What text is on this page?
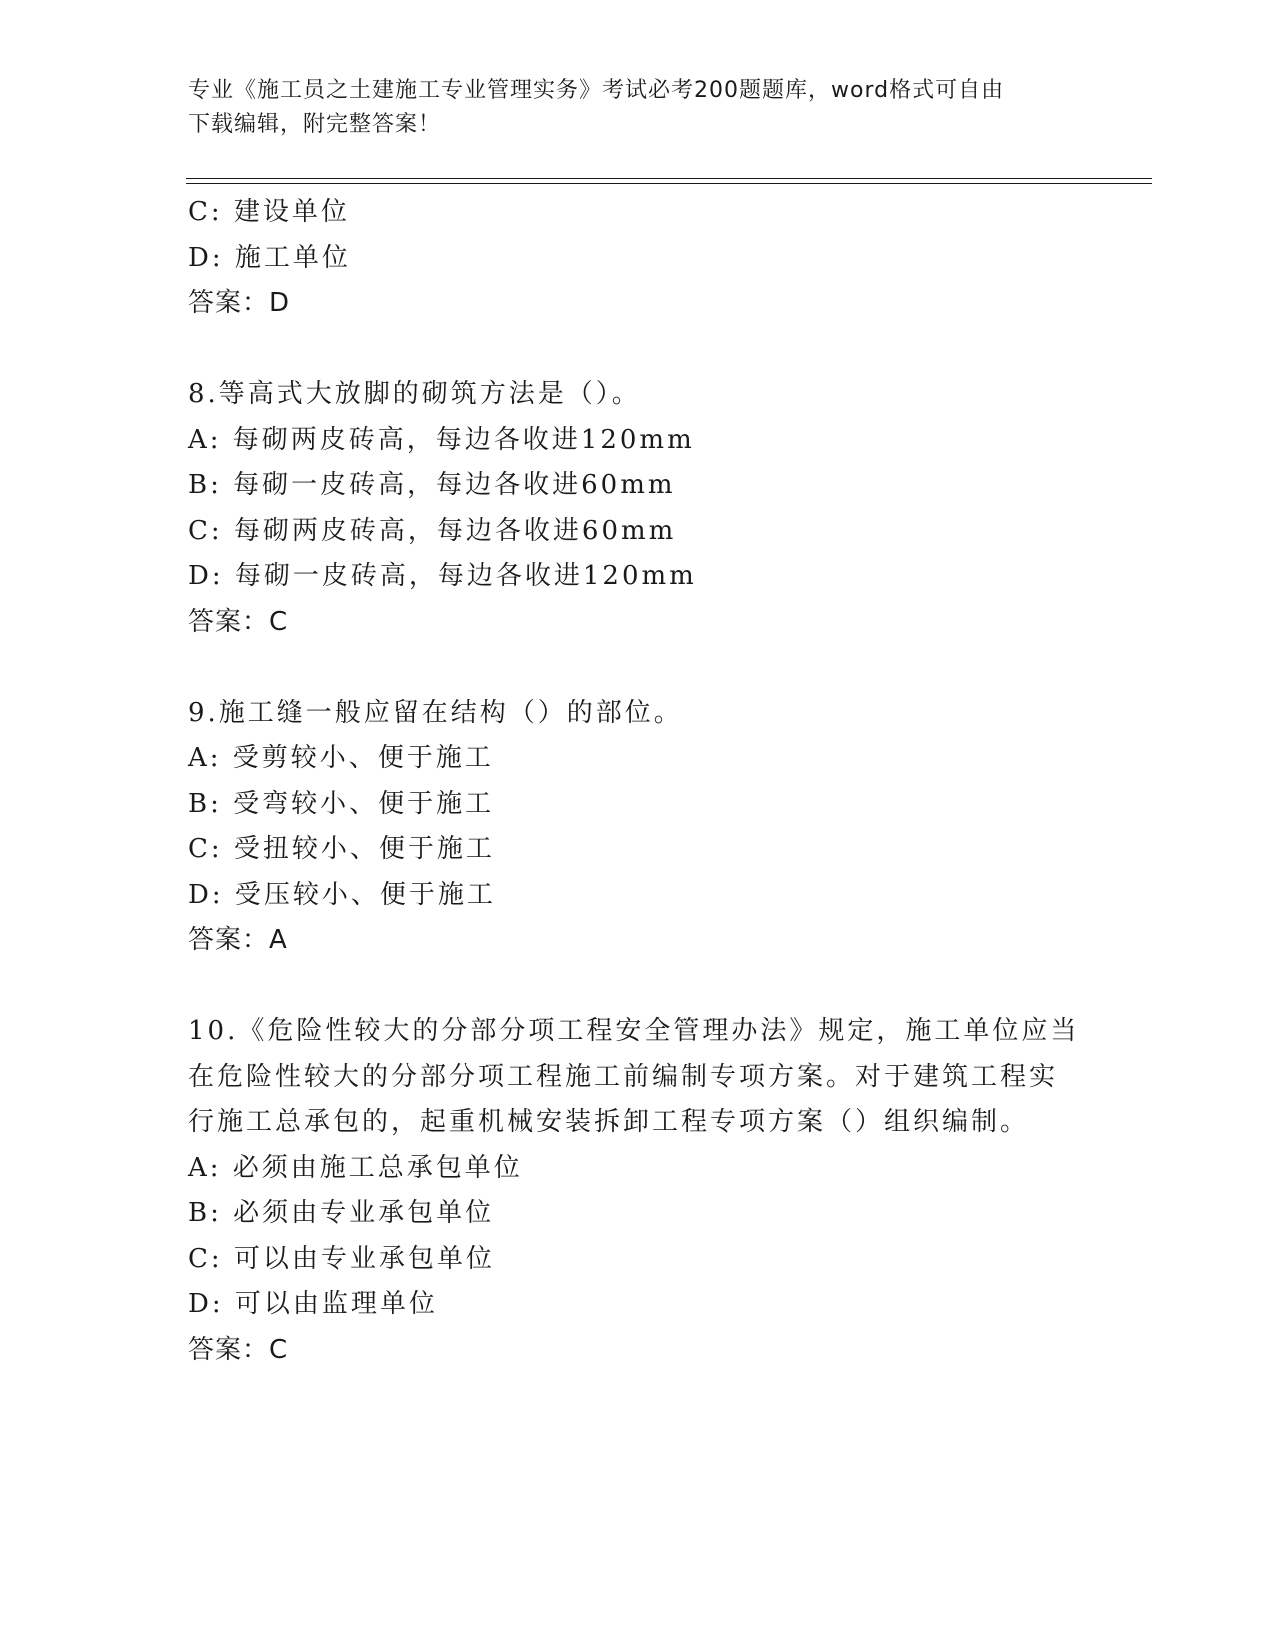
专业《施工员之土建施工专业管理实务》考试必考200题题库，word格式可自由
下载编辑，附完整答案！
C: 建设单位
D: 施工单位
答案：D
8.等高式大放脚的砌筑方法是（）。
A: 每砌两皮砖高，每边各收进120mm
B: 每砌一皮砖高，每边各收进60mm
C: 每砌两皮砖高，每边各收进60mm
D: 每砌一皮砖高，每边各收进120mm
答案：C
9.施工缝一般应留在结构（）的部位。
A: 受剪较小、便于施工
B: 受弯较小、便于施工
C: 受扭较小、便于施工
D: 受压较小、便于施工
答案：A
10.《危险性较大的分部分项工程安全管理办法》规定，施工单位应当
在危险性较大的分部分项工程施工前编制专项方案。对于建筑工程实
行施工总承包的，起重机械安装拆卸工程专项方案（）组织编制。
A: 必须由施工总承包单位
B: 必须由专业承包单位
C: 可以由专业承包单位
D: 可以由监理单位
答案：C
